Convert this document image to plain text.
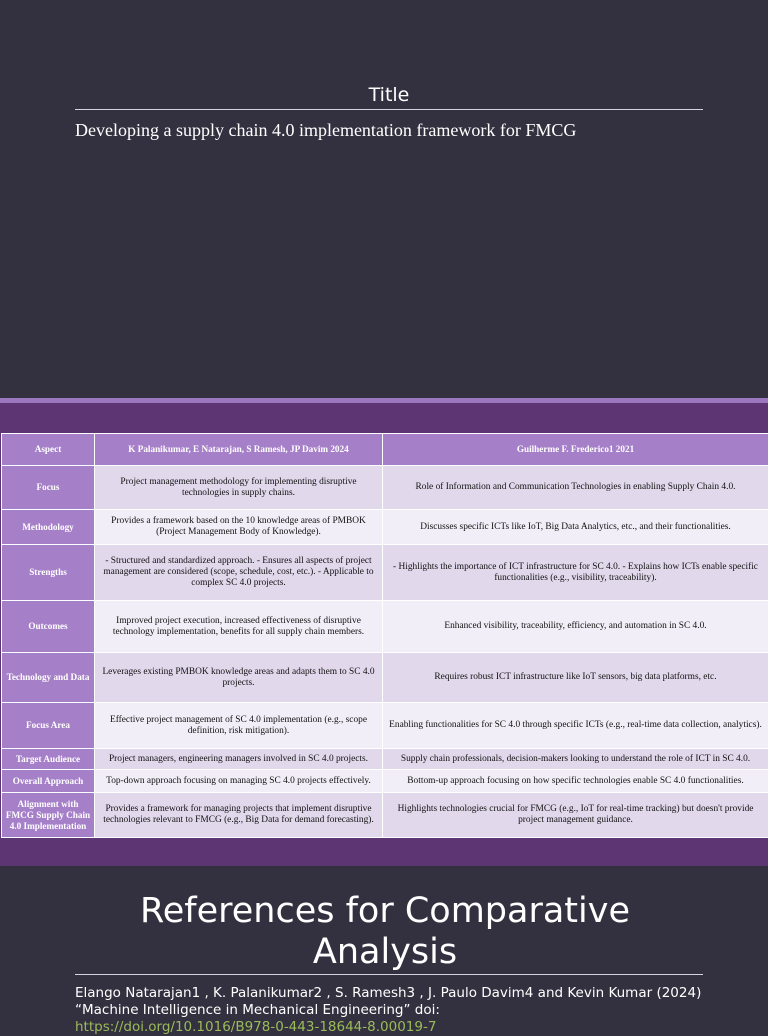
Title
Developing a supply chain 4.0 implementation framework for FMCG
Aspect	K Palanikumar, E Natarajan, S Ramesh, JP Davim 2024	Guilherme F. Frederico1 2021
Focus	Project management methodology for implementing disruptive technologies in supply chains.	Role of Information and Communication Technologies in enabling Supply Chain 4.0.
Methodology	Provides a framework based on the 10 knowledge areas of PMBOK (Project Management Body of Knowledge).	Discusses specific ICTs like IoT, Big Data Analytics, etc., and their functionalities.
Strengths	- Structured and standardized approach. - Ensures all aspects of project management are considered (scope, schedule, cost, etc.). - Applicable to complex SC 4.0 projects.	- Highlights the importance of ICT infrastructure for SC 4.0. - Explains how ICTs enable specific functionalities (e.g., visibility, traceability).
Outcomes	Improved project execution, increased effectiveness of disruptive technology implementation, benefits for all supply chain members.	Enhanced visibility, traceability, efficiency, and automation in SC 4.0.
Technology and Data	Leverages existing PMBOK knowledge areas and adapts them to SC 4.0 projects.	Requires robust ICT infrastructure like IoT sensors, big data platforms, etc.
Focus Area	Effective project management of SC 4.0 implementation (e.g., scope definition, risk mitigation).	Enabling functionalities for SC 4.0 through specific ICTs (e.g., real-time data collection, analytics).
Target Audience	Project managers, engineering managers involved in SC 4.0 projects.	Supply chain professionals, decision-makers looking to understand the role of ICT in SC 4.0.
Overall Approach	Top-down approach focusing on managing SC 4.0 projects effectively.	Bottom-up approach focusing on how specific technologies enable SC 4.0 functionalities.
Alignment with FMCG Supply Chain 4.0 Implementation	Provides a framework for managing projects that implement disruptive technologies relevant to FMCG (e.g., Big Data for demand forecasting).	Highlights technologies crucial for FMCG (e.g., IoT for real-time tracking) but doesn't provide project management guidance.
References for Comparative Analysis
Elango Natarajan1 , K. Palanikumar2 , S. Ramesh3 , J. Paulo Davim4 and Kevin Kumar (2024)
“Machine Intelligence in Mechanical Engineering” doi:
https://doi.org/10.1016/B978-0-443-18644-8.00019-7
